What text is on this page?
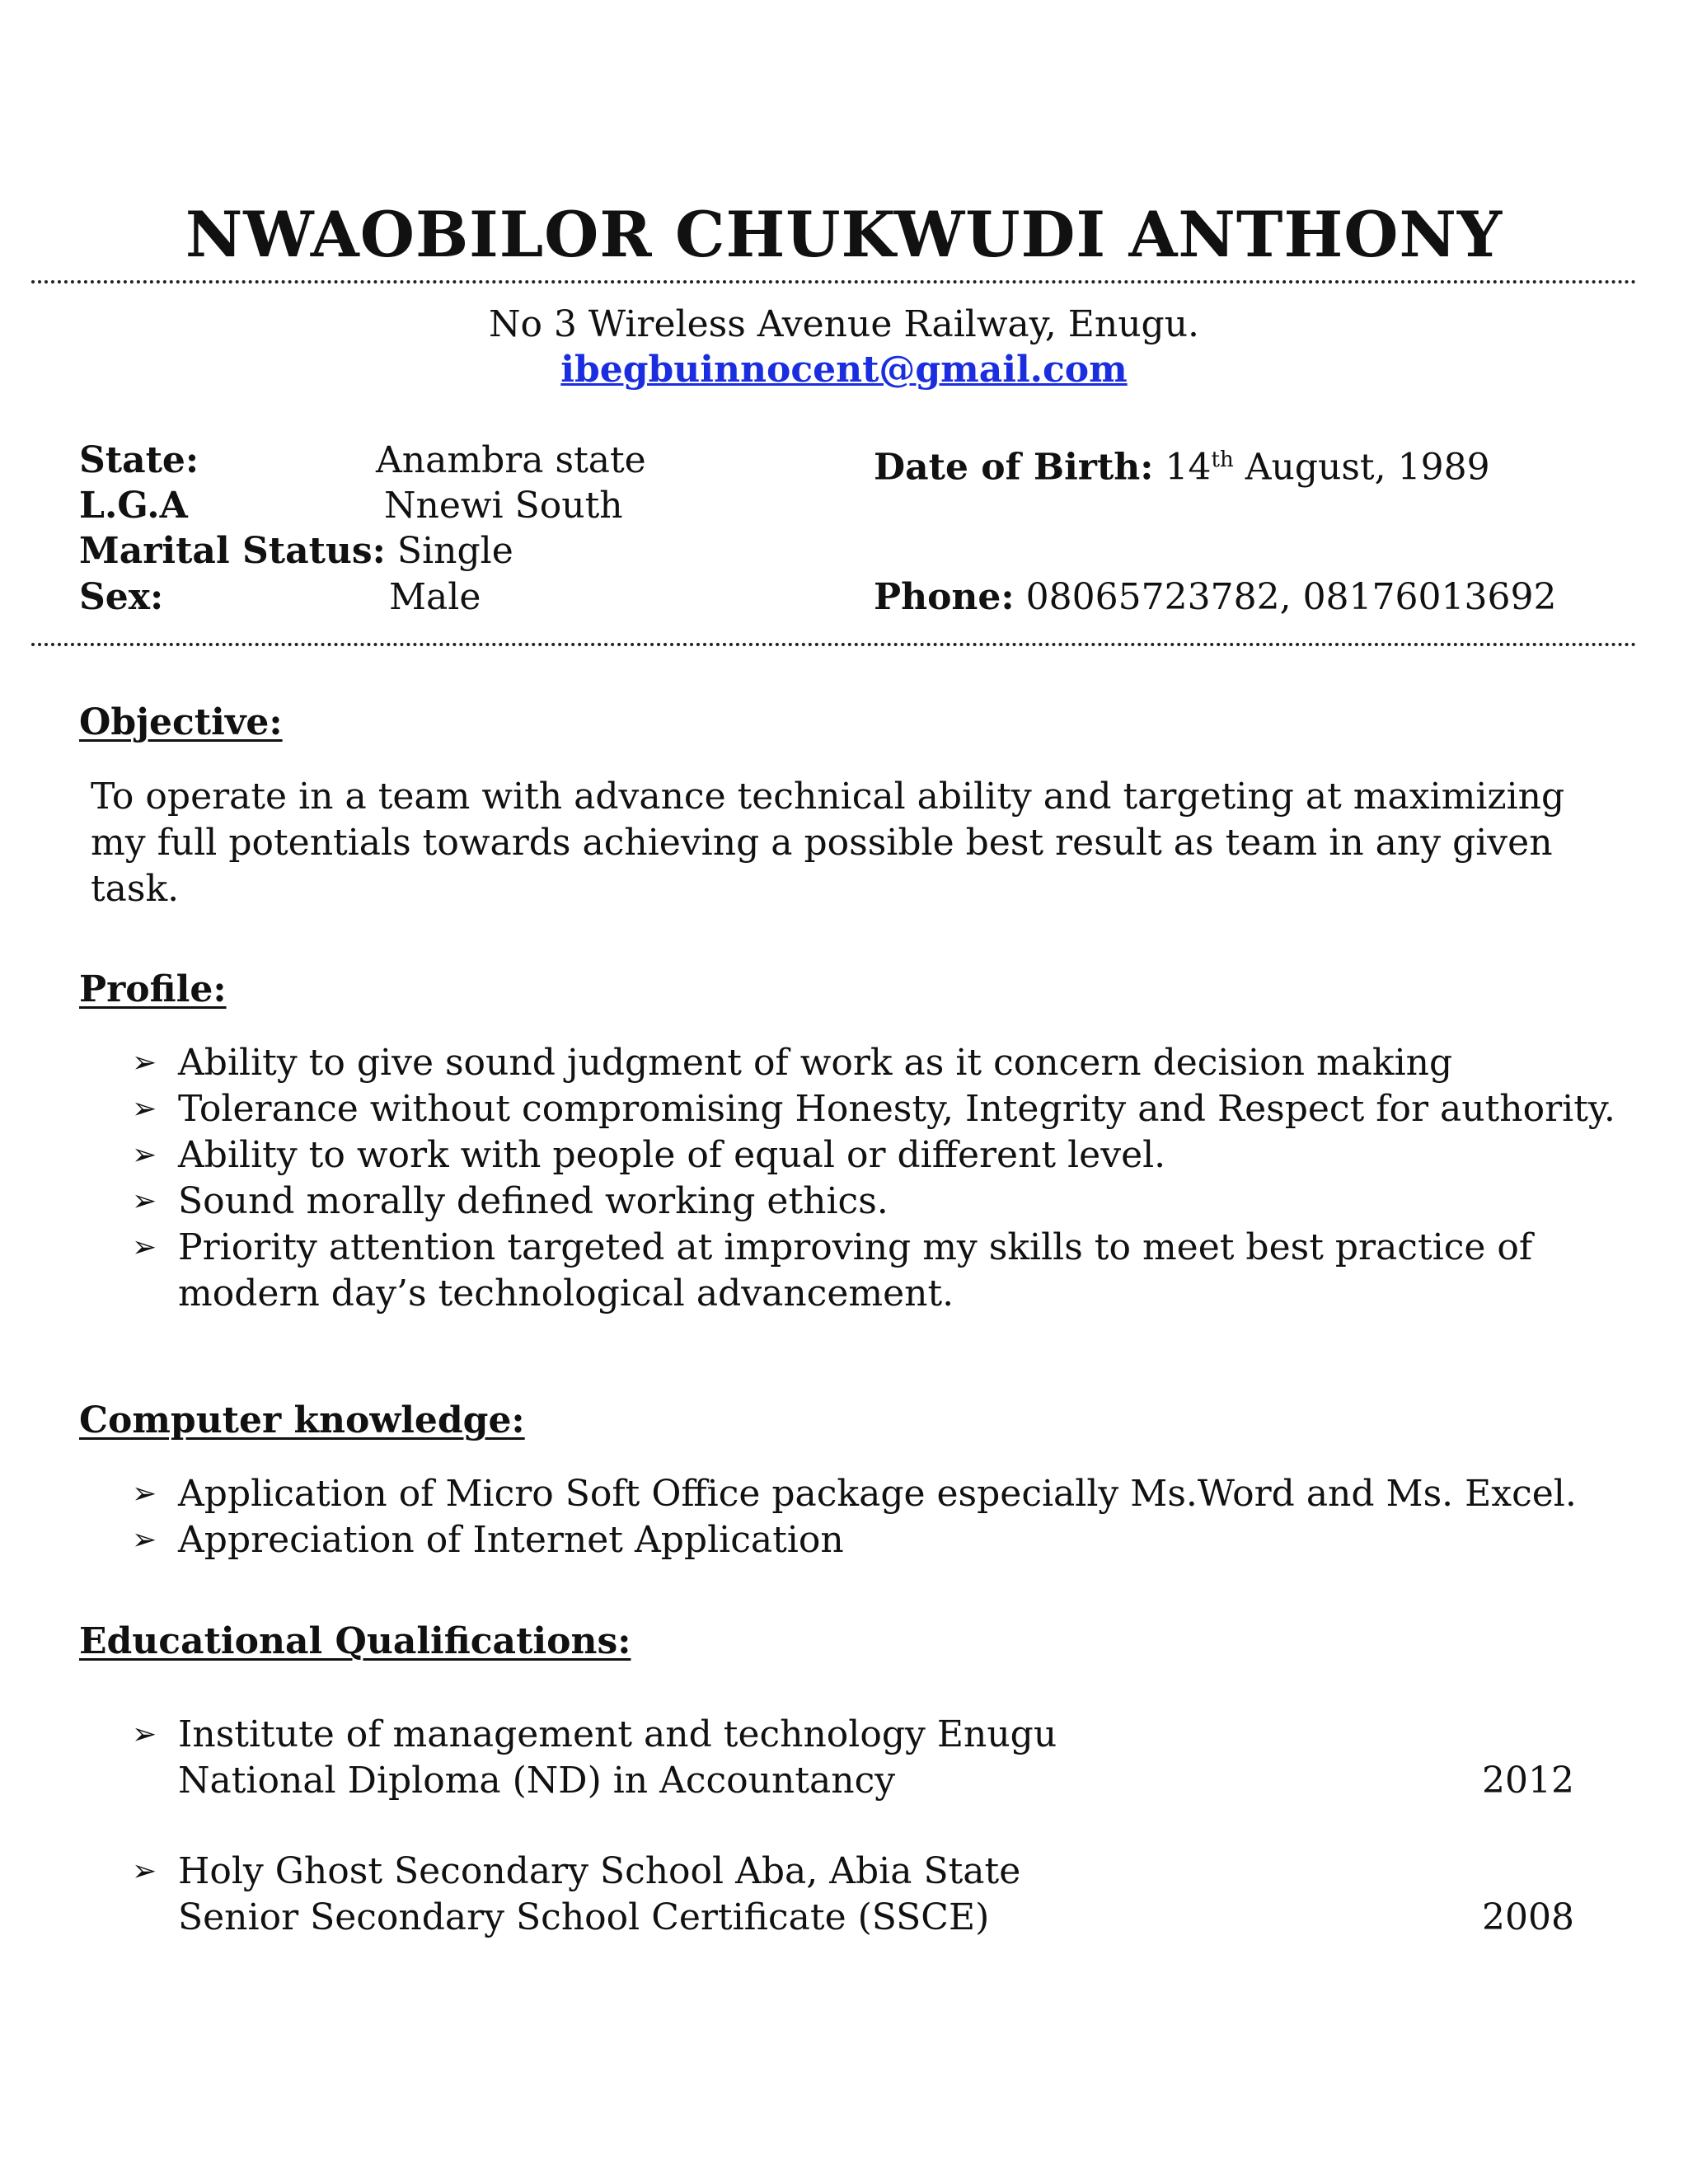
NWAOBILOR CHUKWUDI ANTHONY
No 3 Wireless Avenue Railway, Enugu.
ibegbuinnocent@gmail.com
State:	Anambra state
L.G.A	Nnewi South
Marital Status: Single
Sex:	Male
Date of Birth: 14th August, 1989
Phone: 08065723782, 08176013692
Objective:

To operate in a team with advance technical ability and targeting at maximizing my full potentials towards achieving a possible best result as team in any given task.

Profile:
➢ Ability to give sound judgment of work as it concern decision making
➢ Tolerance without compromising Honesty, Integrity and Respect for authority.
➢ Ability to work with people of equal or different level.
➢ Sound morally defined working ethics.
➢ Priority attention targeted at improving my skills to meet best practice of modern day’s technological advancement.
Computer knowledge:
➢ Application of Micro Soft Office package especially Ms.Word and Ms. Excel.
➢ Appreciation of Internet Application
Educational Qualifications:
➢ Institute of management and technology Enugu
National Diploma (ND) in Accountancy	2012
➢ Holy Ghost Secondary School Aba, Abia State
Senior Secondary School Certificate (SSCE)	2008
